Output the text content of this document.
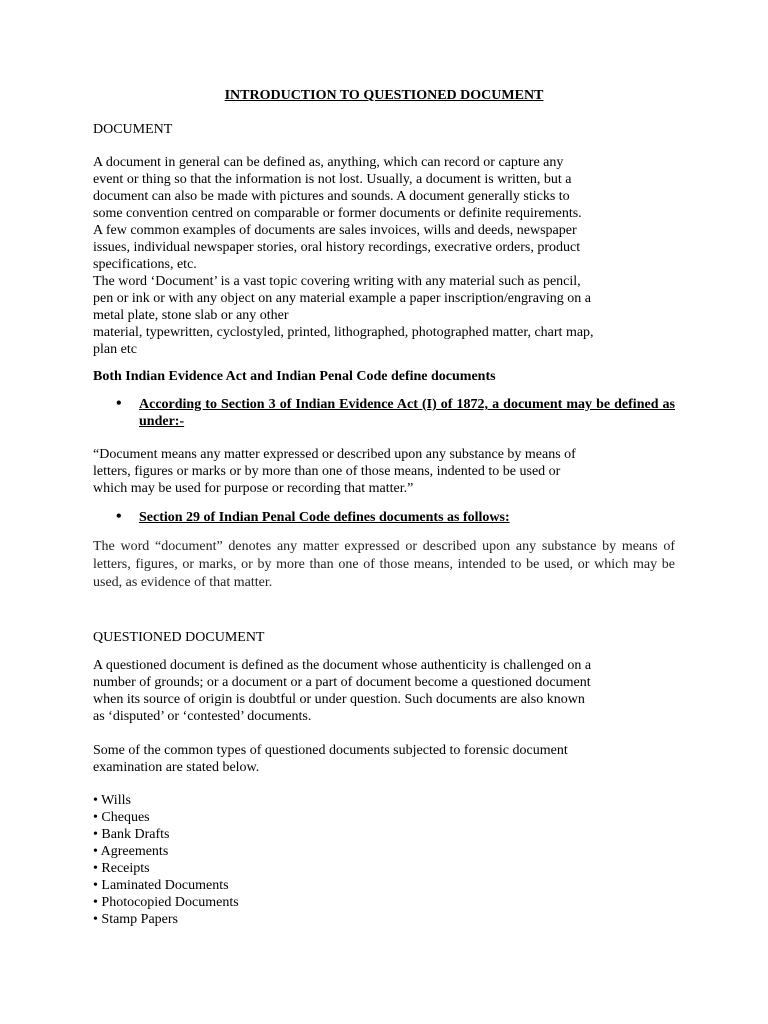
INTRODUCTION TO QUESTIONED DOCUMENT
DOCUMENT
A document in general can be defined as, anything, which can record or capture any
event or thing so that the information is not lost. Usually, a document is written, but a
document can also be made with pictures and sounds. A document generally sticks to
some convention centred on comparable or former documents or definite requirements.
A few common examples of documents are sales invoices, wills and deeds, newspaper
issues, individual newspaper stories, oral history recordings, execrative orders, product
specifications, etc.
The word ‘Document’ is a vast topic covering writing with any material such as pencil,
pen or ink or with any object on any material example a paper inscription/engraving on a
metal plate, stone slab or any other
material, typewritten, cyclostyled, printed, lithographed, photographed matter, chart map,
plan etc
Both Indian Evidence Act and Indian Penal Code define documents
•	According to Section 3 of Indian Evidence Act (I) of 1872, a document may be defined as under:-
“Document means any matter expressed or described upon any substance by means of
letters, figures or marks or by more than one of those means, indented to be used or
which may be used for purpose or recording that matter.”
•	Section 29 of Indian Penal Code defines documents as follows:
The word “document” denotes any matter expressed or described upon any substance by means of letters, figures, or marks, or by more than one of those means, intended to be used, or which may be used, as evidence of that matter.
QUESTIONED DOCUMENT
A questioned document is defined as the document whose authenticity is challenged on a
number of grounds; or a document or a part of document become a questioned document
when its source of origin is doubtful or under question. Such documents are also known
as ‘disputed’ or ‘contested’ documents.
Some of the common types of questioned documents subjected to forensic document
examination are stated below.
• Wills
• Cheques
• Bank Drafts
• Agreements
• Receipts
• Laminated Documents
• Photocopied Documents
• Stamp Papers
